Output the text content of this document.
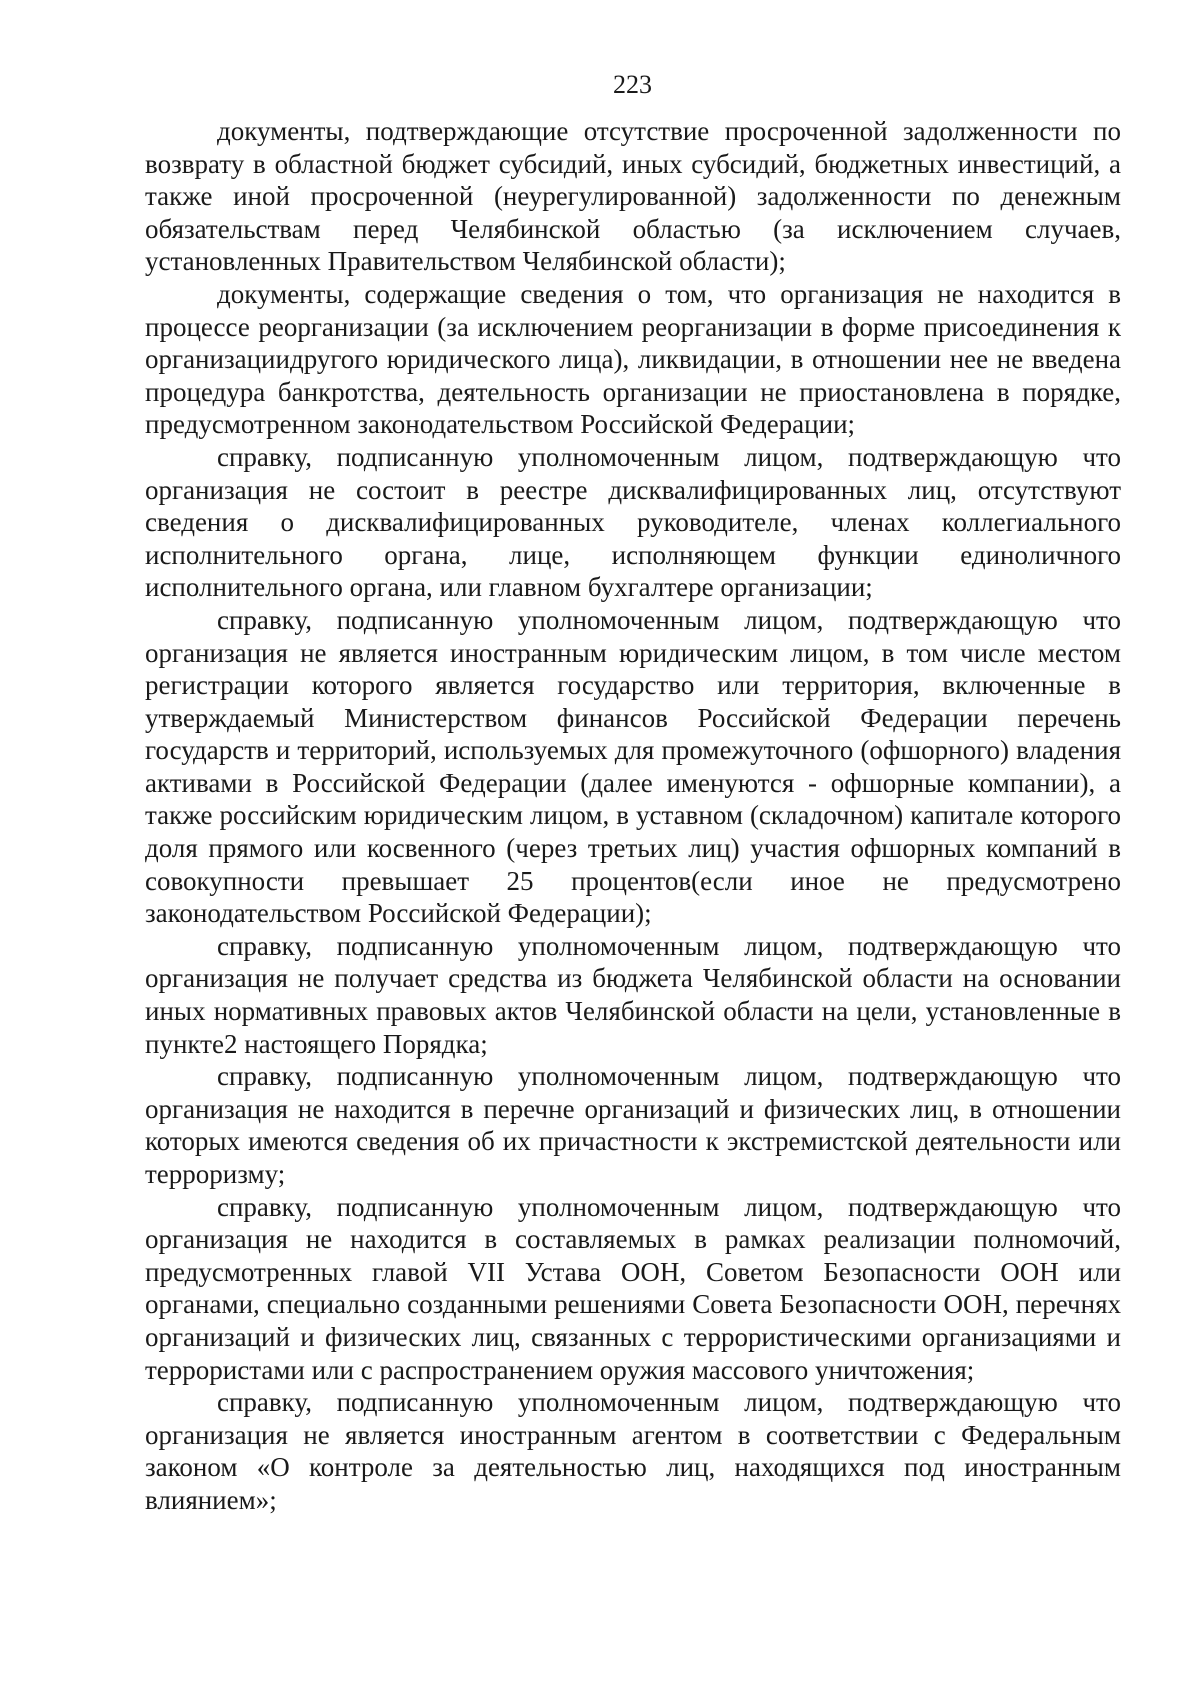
223

документы, подтверждающие отсутствие просроченной задолженности по возврату в областной бюджет субсидий, иных субсидий, бюджетных инвестиций, а также иной просроченной (неурегулированной) задолженности по денежным обязательствам перед Челябинской областью (за исключением случаев, установленных Правительством Челябинской области);

документы, содержащие сведения о том, что организация не находится в процессе реорганизации (за исключением реорганизации в форме присоединения к организациидругого юридического лица), ликвидации, в отношении нее не введена процедура банкротства, деятельность организации не приостановлена в порядке, предусмотренном законодательством Российской Федерации;

справку, подписанную уполномоченным лицом, подтверждающую что организация не состоит в реестре дисквалифицированных лиц, отсутствуют сведения о дисквалифицированных руководителе, членах коллегиального исполнительного органа, лице, исполняющем функции единоличного исполнительного органа, или главном бухгалтере организации;

справку, подписанную уполномоченным лицом, подтверждающую что организация не является иностранным юридическим лицом, в том числе местом регистрации которого является государство или территория, включенные в утверждаемый Министерством финансов Российской Федерации перечень государств и территорий, используемых для промежуточного (офшорного) владения активами в Российской Федерации (далее именуются - офшорные компании), а также российским юридическим лицом, в уставном (складочном) капитале которого доля прямого или косвенного (через третьих лиц) участия офшорных компаний в совокупности превышает 25 процентов(если иное не предусмотрено законодательством Российской Федерации);

справку, подписанную уполномоченным лицом, подтверждающую что организация не получает средства из бюджета Челябинской области на основании иных нормативных правовых актов Челябинской области на цели, установленные в пункте2 настоящего Порядка;

справку, подписанную уполномоченным лицом, подтверждающую что организация не находится в перечне организаций и физических лиц, в отношении которых имеются сведения об их причастности к экстремистской деятельности или терроризму;

справку, подписанную уполномоченным лицом, подтверждающую что организация не находится в составляемых в рамках реализации полномочий, предусмотренных главой VII Устава ООН, Советом Безопасности ООН или органами, специально созданными решениями Совета Безопасности ООН, перечнях организаций и физических лиц, связанных с террористическими организациями и террористами или с распространением оружия массового уничтожения;

справку, подписанную уполномоченным лицом, подтверждающую что организация не является иностранным агентом в соответствии с Федеральным законом «О контроле за деятельностью лиц, находящихся под иностранным влиянием»;
